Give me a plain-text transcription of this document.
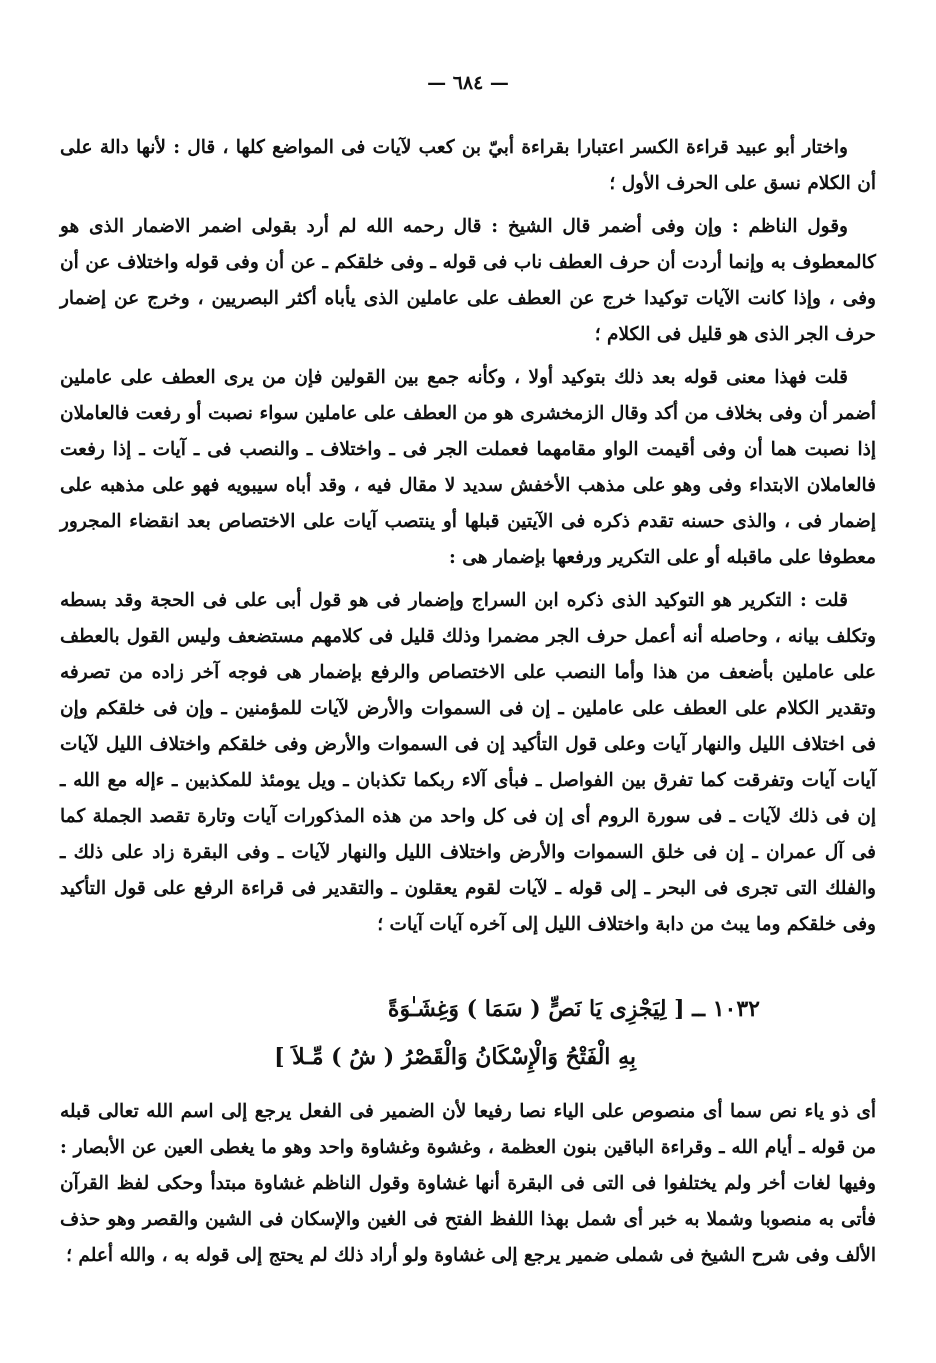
— ٦٨٤ —

واختار أبو عبيد قراءة الكسر اعتبارا بقراءة أبيّ بن كعب لآيات فى المواضع كلها ، قال : لأنها دالة على أن الكلام نسق على الحرف الأول ؛

وقول الناظم : وإن وفى أضمر قال الشيخ : قال رحمه الله لم أرد بقولى اضمر الاضمار الذى هو كالمعطوف به وإنما أردت أن حرف العطف ناب فى قوله ـ وفى خلقكم ـ عن أن وفى قوله واختلاف عن أن وفى ، وإذا كانت الآيات توكيدا خرج عن العطف على عاملين الذى يأباه أكثر البصريين ، وخرج عن إضمار حرف الجر الذى هو قليل فى الكلام ؛

قلت فهذا معنى قوله بعد ذلك بتوكيد أولا ، وكأنه جمع بين القولين فإن من يرى العطف على عاملين أضمر أن وفى بخلاف من أكد وقال الزمخشرى هو من العطف على عاملين سواء نصبت أو رفعت فالعاملان إذا نصبت هما أن وفى أقيمت الواو مقامهما فعملت الجر فى ـ واختلاف ـ والنصب فى ـ آيات ـ إذا رفعت فالعاملان الابتداء وفى وهو على مذهب الأخفش سديد لا مقال فيه ، وقد أباه سيبويه فهو على مذهبه على إضمار فى ، والذى حسنه تقدم ذكره فى الآيتين قبلها أو ينتصب آيات على الاختصاص بعد انقضاء المجرور معطوفا على ماقبله أو على التكرير ورفعها بإضمار هى :

قلت : التكرير هو التوكيد الذى ذكره ابن السراج وإضمار فى هو قول أبى على فى الحجة وقد بسطه وتكلف بيانه ، وحاصله أنه أعمل حرف الجر مضمرا وذلك قليل فى كلامهم مستضعف وليس القول بالعطف على عاملين بأضعف من هذا وأما النصب على الاختصاص والرفع بإضمار هى فوجه آخر زاده من تصرفه وتقدير الكلام على العطف على عاملين ـ إن فى السموات والأرض لآيات للمؤمنين ـ وإن فى خلقكم وإن فى اختلاف الليل والنهار آيات وعلى قول التأكيد إن فى السموات والأرض وفى خلقكم واختلاف الليل لآيات آيات آيات وتفرقت كما تفرق بين الفواصل ـ فبأى آلاء ربكما تكذبان ـ ويل يومئذ للمكذبين ـ ءإله مع الله ـ إن فى ذلك لآيات ـ فى سورة الروم أى إن فى كل واحد من هذه المذكورات آيات وتارة تقصد الجملة كما فى آل عمران ـ إن فى خلق السموات والأرض واختلاف الليل والنهار لآيات ـ وفى البقرة زاد على ذلك ـ والفلك التى تجرى فى البحر ـ إلى قوله ـ لآيات لقوم يعقلون ـ والتقدير فى قراءة الرفع على قول التأكيد وفى خلقكم وما يبث من دابة واختلاف الليل إلى آخره آيات آيات ؛

١٠٣٢ ــ [ لِيَجْزِى يَا نَصٍّ ( سَمَا ) وَغِشَـٰوَةً
بِهِ الْفَتْحُ وَالْإِسْكَانُ وَالْقَصْرُ ( شُ ) مِّـلاَ ]
أى ذو ياء نص سما أى منصوص على الياء نصا رفيعا لأن الضمير فى الفعل يرجع إلى اسم الله تعالى قبله من قوله ـ أيام الله ـ وقراءة الباقين بنون العظمة ، وغشوة وغشاوة واحد وهو ما يغطى العين عن الأبصار : وفيها لغات أخر ولم يختلفوا فى التى فى البقرة أنها غشاوة وقول الناظم غشاوة مبتدأ وحكى لفظ القرآن فأتى به منصوبا وشملا به خبر أى شمل بهذا اللفظ الفتح فى الغين والإسكان فى الشين والقصر وهو حذف الألف وفى شرح الشيخ فى شملى ضمير يرجع إلى غشاوة ولو أراد ذلك لم يحتج إلى قوله به ، والله أعلم ؛
